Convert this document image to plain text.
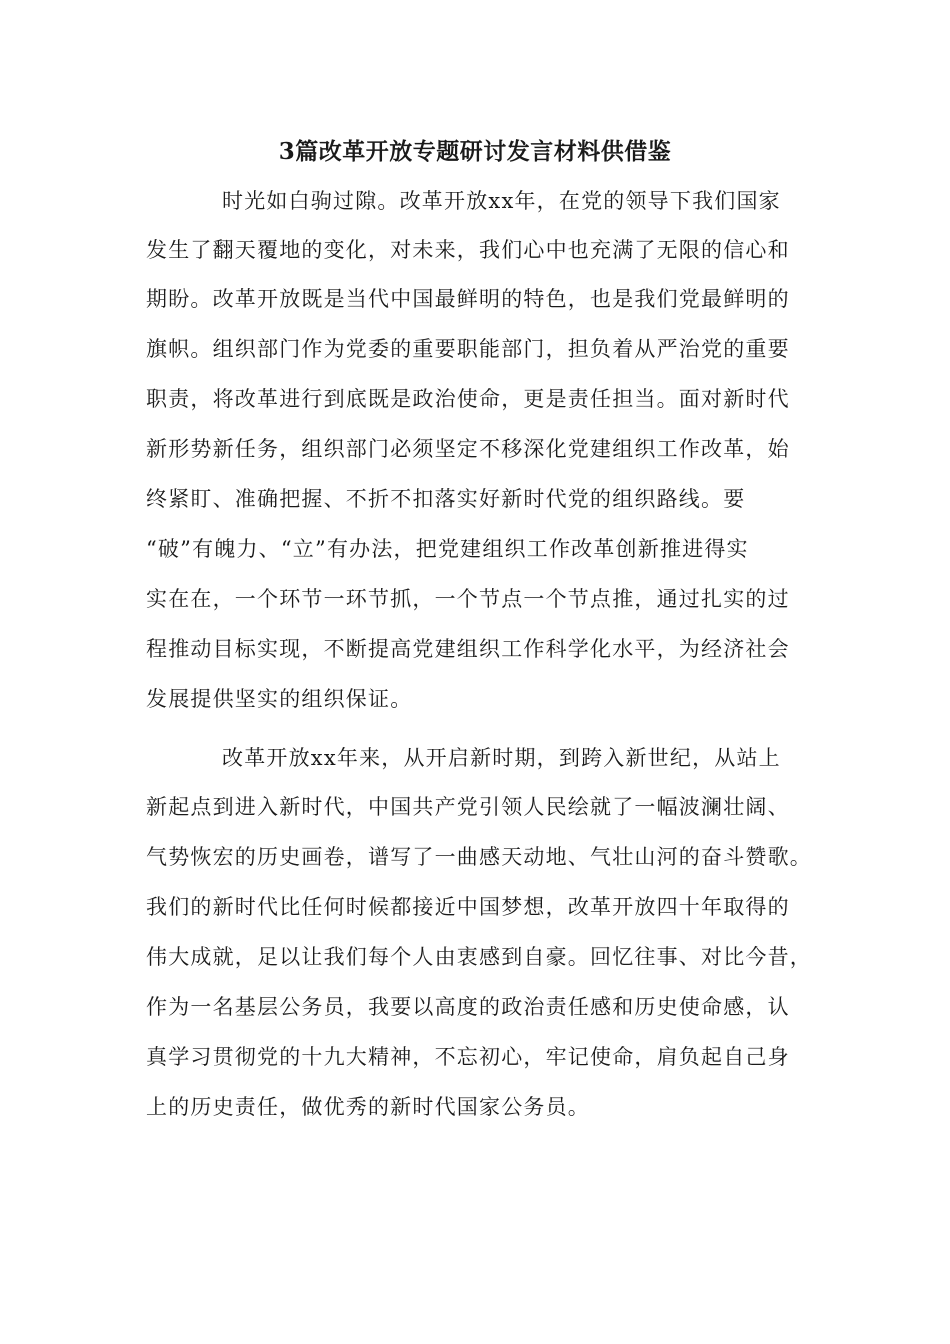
3篇改革开放专题研讨发言材料供借鉴
时光如白驹过隙。改革开放xx年，在党的领导下我们国家
发生了翻天覆地的变化，对未来，我们心中也充满了无限的信心和
期盼。改革开放既是当代中国最鲜明的特色，也是我们党最鲜明的
旗帜。组织部门作为党委的重要职能部门，担负着从严治党的重要
职责，将改革进行到底既是政治使命，更是责任担当。面对新时代
新形势新任务，组织部门必须坚定不移深化党建组织工作改革，始
终紧盯、准确把握、不折不扣落实好新时代党的组织路线。要
“破”有魄力、“立”有办法，把党建组织工作改革创新推进得实
实在在，一个环节一环节抓，一个节点一个节点推，通过扎实的过
程推动目标实现，不断提高党建组织工作科学化水平，为经济社会
发展提供坚实的组织保证。
改革开放xx年来，从开启新时期，到跨入新世纪，从站上
新起点到进入新时代，中国共产党引领人民绘就了一幅波澜壮阔、
气势恢宏的历史画卷，谱写了一曲感天动地、气壮山河的奋斗赞歌。
我们的新时代比任何时候都接近中国梦想，改革开放四十年取得的
伟大成就，足以让我们每个人由衷感到自豪。回忆往事、对比今昔，
作为一名基层公务员，我要以高度的政治责任感和历史使命感，认
真学习贯彻党的十九大精神，不忘初心，牢记使命，肩负起自己身
上的历史责任，做优秀的新时代国家公务员。
